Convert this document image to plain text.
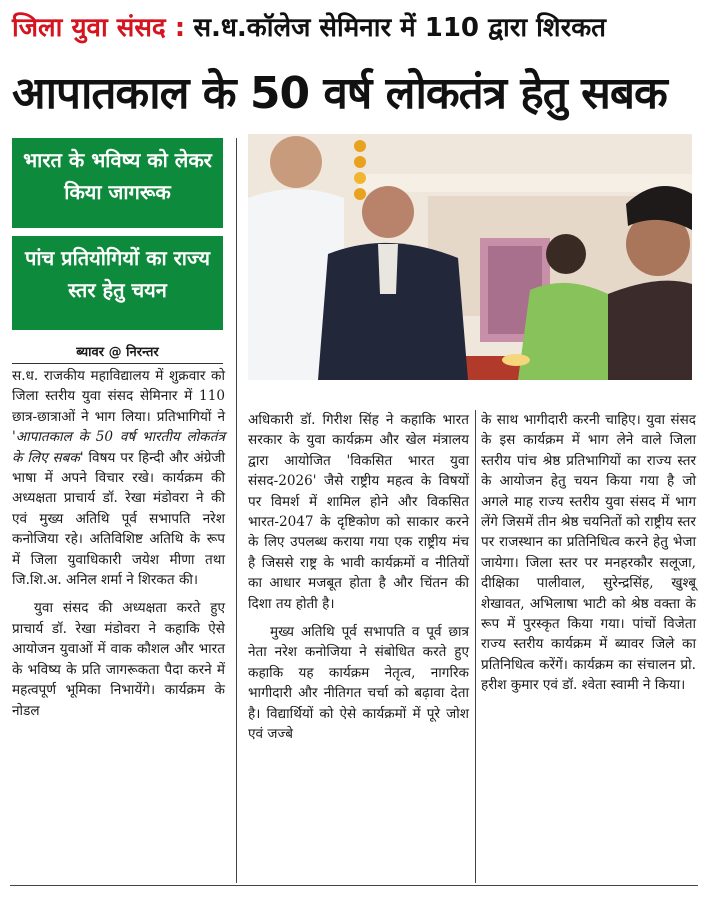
जिला युवा संसद : स.ध.कॉलेज सेमिनार में 110 द्वारा शिरकत
आपातकाल के 50 वर्ष लोकतंत्र हेतु सबक
भारत के भविष्य को लेकर किया जागरूक
पांच प्रतियोगियों का राज्य स्तर हेतु चयन
ब्यावर @ निरन्तर

स.ध. राजकीय महाविद्यालय में शुक्रवार को जिला स्तरीय युवा संसद सेमिनार में 110 छात्र-छात्राओं ने भाग लिया। प्रतिभागियों ने 'आपातकाल के 50 वर्ष भारतीय लोकतंत्र के लिए सबक' विषय पर हिन्दी और अंग्रेजी भाषा में अपने विचार रखे। कार्यक्रम की अध्यक्षता प्राचार्य डॉ. रेखा मंडोवरा ने की एवं मुख्य अतिथि पूर्व सभापति नरेश कनोजिया रहे। अतिविशिष्ट अतिथि के रूप में जिला युवाधिकारी जयेश मीणा तथा जि.शि.अ. अनिल शर्मा ने शिरकत की।

युवा संसद की अध्यक्षता करते हुए प्राचार्य डॉ. रेखा मंडोवरा ने कहाकि ऐसे आयोजन युवाओं में वाक कौशल और भारत के भविष्य के प्रति जागरूकता पैदा करने में महत्वपूर्ण भूमिका निभायेंगे। कार्यक्रम के नोडल

अधिकारी डॉ. गिरीश सिंह ने कहाकि भारत सरकार के युवा कार्यक्रम और खेल मंत्रालय द्वारा आयोजित 'विकसित भारत युवा संसद-2026' जैसे राष्ट्रीय महत्व के विषयों पर विमर्श में शामिल होने और विकसित भारत-2047 के दृष्टिकोण को साकार करने के लिए उपलब्ध कराया गया एक राष्ट्रीय मंच है जिससे राष्ट्र के भावी कार्यक्रमों व नीतियों का आधार मजबूत होता है और चिंतन की दिशा तय होती है।

मुख्य अतिथि पूर्व सभापति व पूर्व छात्र नेता नरेश कनोजिया ने संबोधित करते हुए कहाकि यह कार्यक्रम नेतृत्व, नागरिक भागीदारी और नीतिगत चर्चा को बढ़ावा देता है। विद्यार्थियों को ऐसे कार्यक्रमों में पूरे जोश एवं जज्बे

के साथ भागीदारी करनी चाहिए। युवा संसद के इस कार्यक्रम में भाग लेने वाले जिला स्तरीय पांच श्रेष्ठ प्रतिभागियों का राज्य स्तर के आयोजन हेतु चयन किया गया है जो अगले माह राज्य स्तरीय युवा संसद में भाग लेंगे जिसमें तीन श्रेष्ठ चयनितों को राष्ट्रीय स्तर पर राजस्थान का प्रतिनिधित्व करने हेतु भेजा जायेगा। जिला स्तर पर मनहरकौर सलूजा, दीक्षिका पालीवाल, सुरेन्द्रसिंह, खुश्बू शेखावत, अभिलाषा भाटी को श्रेष्ठ वक्ता के रूप में पुरस्कृत किया गया। पांचों विजेता राज्य स्तरीय कार्यक्रम में ब्यावर जिले का प्रतिनिधित्व करेंगें। कार्यक्रम का संचालन प्रो. हरीश कुमार एवं डॉ. श्वेता स्वामी ने किया।
